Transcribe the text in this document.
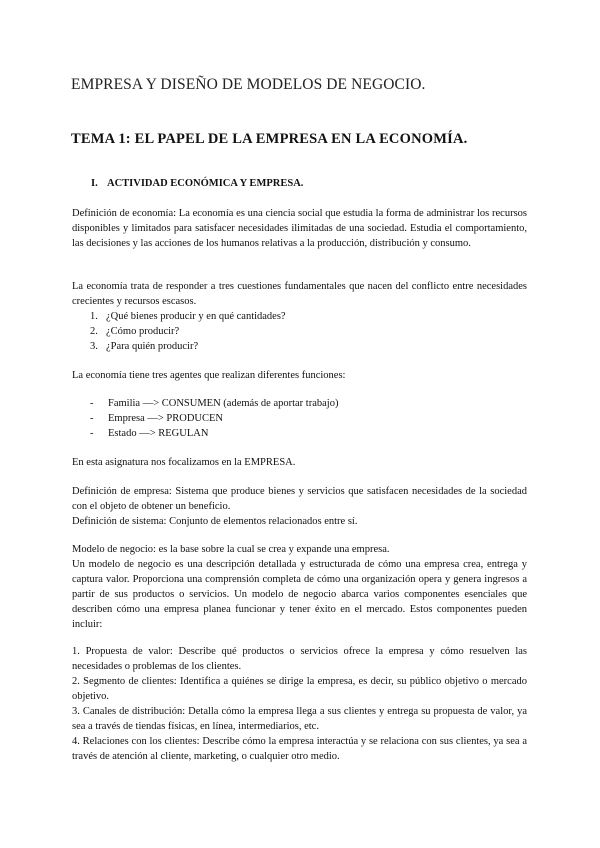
EMPRESA Y DISEÑO DE MODELOS DE NEGOCIO.
TEMA 1: EL PAPEL DE LA EMPRESA EN LA ECONOMÍA.
I. ACTIVIDAD ECONÓMICA Y EMPRESA.

Definición de economía: La economía es una ciencia social que estudia la forma de administrar los recursos disponibles y limitados para satisfacer necesidades ilimitadas de una sociedad. Estudia el comportamiento, las decisiones y las acciones de los humanos relativas a la producción, distribución y consumo.

La economía trata de responder a tres cuestiones fundamentales que nacen del conflicto entre necesidades crecientes y recursos escasos.

1. ¿Qué bienes producir y en qué cantidades?
2. ¿Cómo producir?
3. ¿Para quién producir?

La economía tiene tres agentes que realizan diferentes funciones:

-	Familia —> CONSUMEN (además de aportar trabajo)
-	Empresa —> PRODUCEN
-	Estado —> REGULAN

En esta asignatura nos focalizamos en la EMPRESA.

Definición de empresa: Sistema que produce bienes y servicios que satisfacen necesidades de la sociedad con el objeto de obtener un beneficio.

Definición de sistema: Conjunto de elementos relacionados entre sí.

Modelo de negocio: es la base sobre la cual se crea y expande una empresa.

Un modelo de negocio es una descripción detallada y estructurada de cómo una empresa crea, entrega y captura valor. Proporciona una comprensión completa de cómo una organización opera y genera ingresos a partir de sus productos o servicios. Un modelo de negocio abarca varios componentes esenciales que describen cómo una empresa planea funcionar y tener éxito en el mercado. Estos componentes pueden incluir:

1. Propuesta de valor: Describe qué productos o servicios ofrece la empresa y cómo resuelven las necesidades o problemas de los clientes.

2. Segmento de clientes: Identifica a quiénes se dirige la empresa, es decir, su público objetivo o mercado objetivo.

3. Canales de distribución: Detalla cómo la empresa llega a sus clientes y entrega su propuesta de valor, ya sea a través de tiendas físicas, en línea, intermediarios, etc.

4. Relaciones con los clientes: Describe cómo la empresa interactúa y se relaciona con sus clientes, ya sea a través de atención al cliente, marketing, o cualquier otro medio.
